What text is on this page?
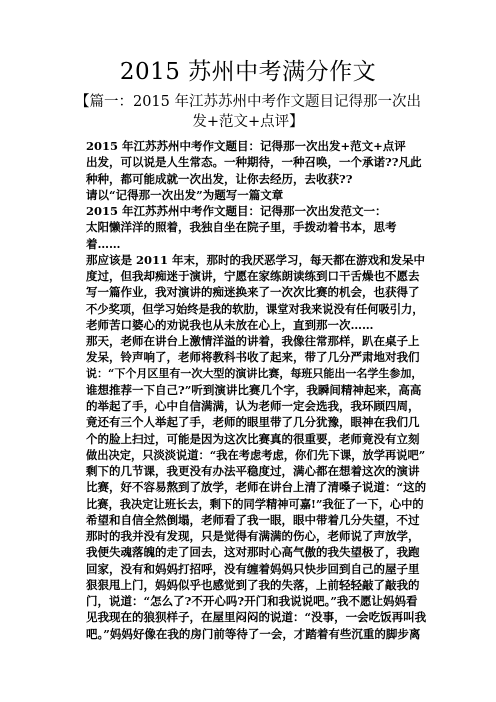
2015 苏州中考满分作文
【篇一：2015 年江苏苏州中考作文题目记得那一次出
发+范文+点评】
2015 年江苏苏州中考作文题目：记得那一次出发+范文+点评
出发，可以说是人生常态。一种期待，一种召唤，一个承诺??凡此
种种，都可能成就一次出发，让你去经历，去收获??
请以“记得那一次出发”为题写一篇文章
2015 年江苏苏州中考作文题目：记得那一次出发范文一：
太阳懒洋洋的照着，我独自坐在院子里，手拨动着书本，思考
着……
那应该是 2011 年末，那时的我厌恶学习，每天都在游戏和发呆中
度过，但我却痴迷于演讲，宁愿在家练朗读练到口干舌燥也不愿去
写一篇作业，我对演讲的痴迷换来了一次次比赛的机会，也获得了
不少奖项，但学习始终是我的软肋，课堂对我来说没有任何吸引力，
老师苦口婆心的劝说我也从未放在心上，直到那一次……
那天，老师在讲台上激情洋溢的讲着，我像往常那样，趴在桌子上
发呆，铃声响了，老师将教科书收了起来，带了几分严肃地对我们
说：“下个月区里有一次大型的演讲比赛，每班只能出一名学生参加，
谁想推荐一下自己?”听到演讲比赛几个字，我瞬间精神起来，高高
的举起了手，心中自信满满，认为老师一定会选我，我环顾四周，
竟还有三个人举起了手，老师的眼里带了几分犹豫，眼神在我们几
个的脸上扫过，可能是因为这次比赛真的很重要，老师竟没有立刻
做出决定，只淡淡说道：“我在考虑考虑，你们先下课，放学再说吧”
剩下的几节课，我更没有办法平稳度过，满心都在想着这次的演讲
比赛，好不容易熬到了放学，老师在讲台上清了清嗓子说道：“这的
比赛，我决定让班长去，剩下的同学精神可嘉!”我征了一下，心中的
希望和自信全然倒塌，老师看了我一眼，眼中带着几分失望，不过
那时的我并没有发现，只是觉得有满满的伤心，老师说了声放学，
我便失魂落魄的走了回去，这对那时心高气傲的我失望极了，我跑
回家，没有和妈妈打招呼，没有缠着妈妈只快步回到自己的屋子里
狠狠甩上门，妈妈似乎也感觉到了我的失落，上前轻轻敲了敲我的
门，说道：“怎么了?不开心吗?开门和我说说吧。”我不愿让妈妈看
见我现在的狼狈样子，在屋里闷闷的说道：“没事，一会吃饭再叫我
吧。”妈妈好像在我的房门前等待了一会，才踏着有些沉重的脚步离
